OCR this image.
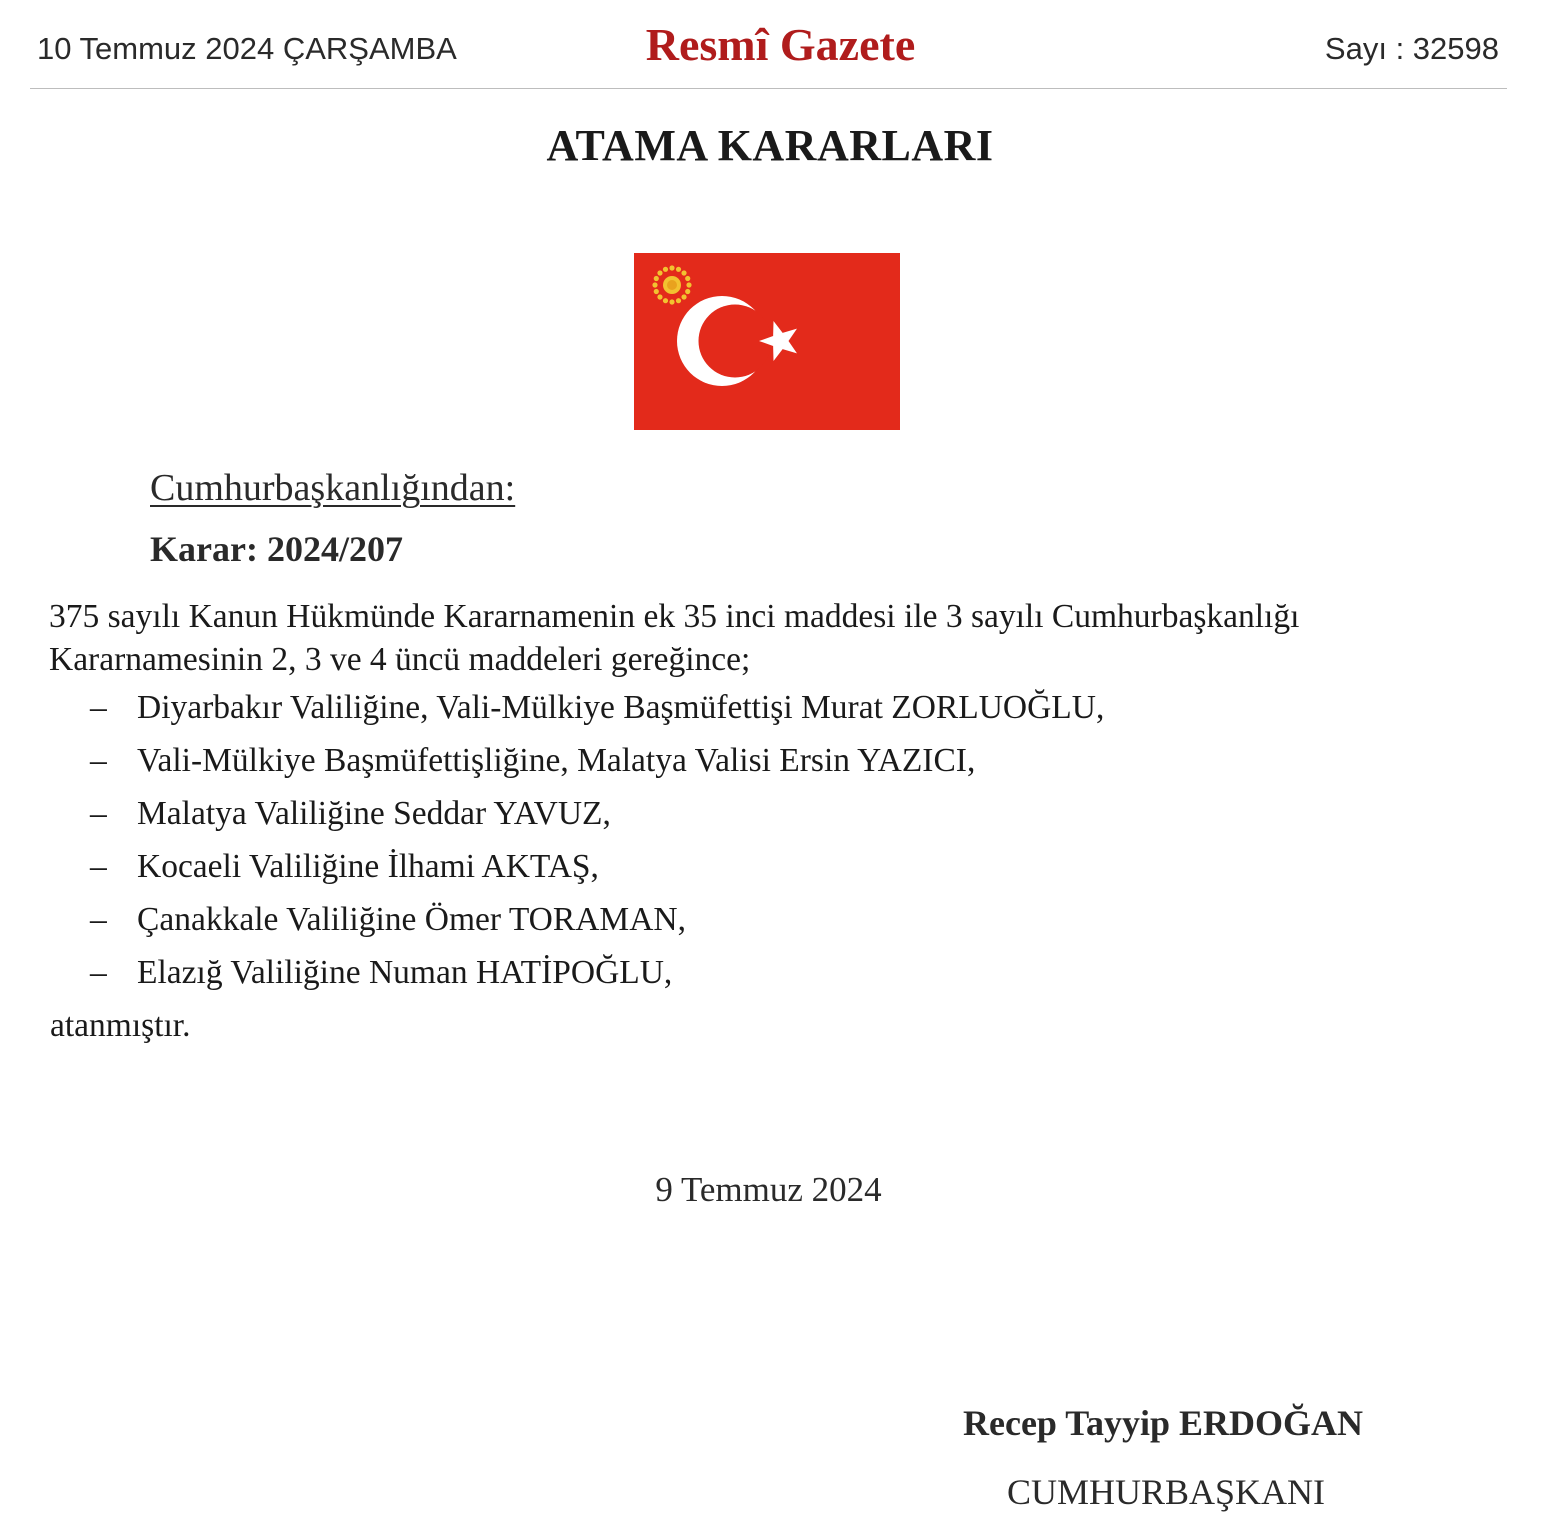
10 Temmuz 2024 ÇARŞAMBA	Resmî Gazete	Sayı : 32598
ATAMA KARARLARI
Cumhurbaşkanlığından:
Karar: 2024/207
375 sayılı Kanun Hükmünde Kararnamenin ek 35 inci maddesi ile 3 sayılı Cumhurbaşkanlığı Kararnamesinin 2, 3 ve 4 üncü maddeleri gereğince;
– Diyarbakır Valiliğine, Vali-Mülkiye Başmüfettişi Murat ZORLUOĞLU,
– Vali-Mülkiye Başmüfettişliğine, Malatya Valisi Ersin YAZICI,
– Malatya Valiliğine Seddar YAVUZ,
– Kocaeli Valiliğine İlhami AKTAŞ,
– Çanakkale Valiliğine Ömer TORAMAN,
– Elazığ Valiliğine Numan HATİPOĞLU,
atanmıştır.
9 Temmuz 2024
Recep Tayyip ERDOĞAN
CUMHURBAŞKANI
